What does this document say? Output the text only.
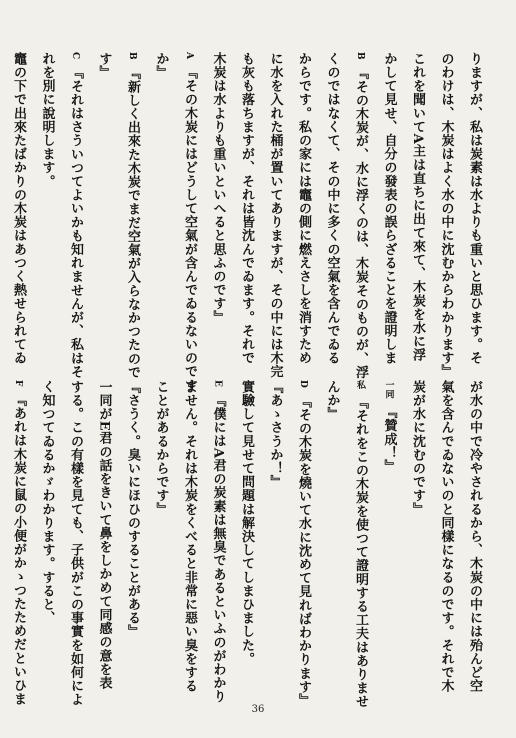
りますが、私は炭素は水よりも重いと思ひます。そ
のわけは、木炭はよく水の中に沈むからわかります』
これを聞いてA主は直ちに出て來て、木炭を水に浮
かして見せ、自分の發表の誤らざることを證明しま
B『その木炭が、水に浮くのは、木炭そのものが、浮
くのではなくて、その中に多くの空氣を含んでゐる
からです。私の家には竈の側に燃えさしを消すため
に水を入れた桶が置いてありますが、その中には木完
も灰も落ちますが、それは皆沈んでゐます。それで
木炭は水よりも重いといへると思ふのです』
A『その木炭にはどうして空氣が含んでゐるないのです
か』
B『新しく出來た木炭でまだ空氣が入らなかつたので
す』
C『それはさういつてよいかも知れませんが、私はそ
れを別に說明します。
竈の下で出來たばかりの木炭はあつく熱せられてゐ
が水の中で冷やされるから、木炭の中には殆んど空
氣を含んでゐないのと同樣になるのです。それで木
炭が水に沈むのです』
一同『贊成！』
私『それをこの木炭を使つて證明する工夫はありませ
んか』
D『その木炭を燒いて水に沈めて見ればわかります』
『あゝさうか！』
實驗して見せて問題は解決してしまひました。
E『僕にはA君の炭素は無臭であるといふのがわかり
ません。それは木炭をくべると非常に惡い臭をする
ことがあるからです』
『さうく。臭いにほひのすることがある』
一同がE君の話をきいて鼻をしかめて同感の意を表
する。この有樣を見ても、子供がこの事實を如何によ
く知つてゐるかゞわかります。すると、
F『あれは木炭に鼠の小便がかゝつたためだといひま
36
